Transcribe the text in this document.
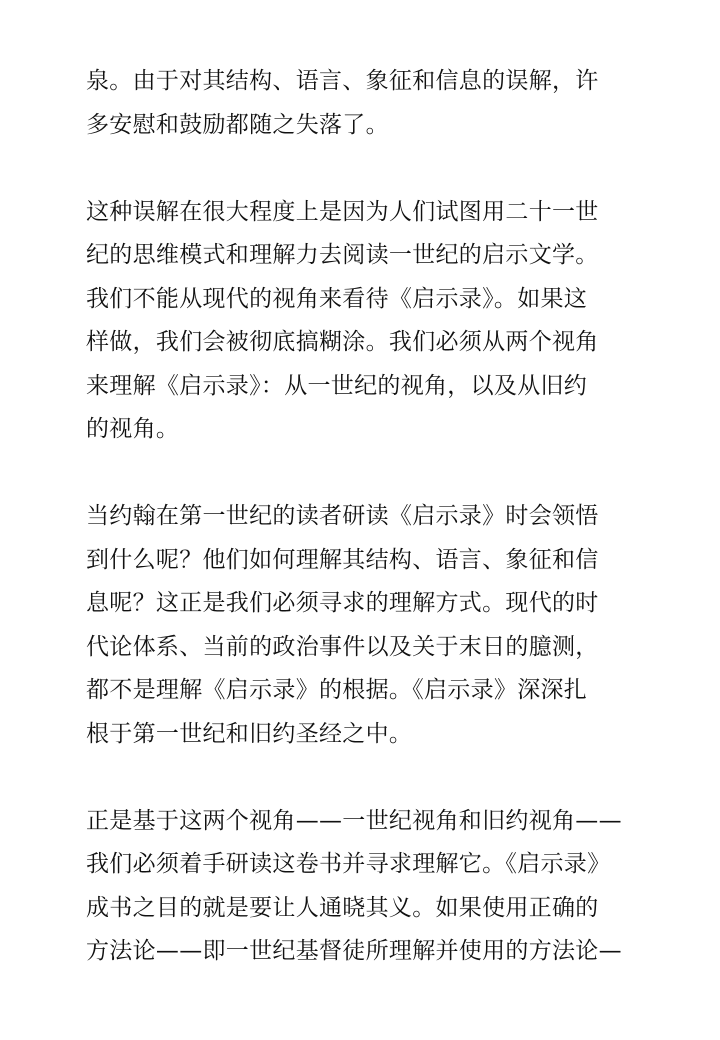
泉。由于对其结构、语言、象征和信息的误解，许
多安慰和鼓励都随之失落了。

这种误解在很大程度上是因为人们试图用二十一世
纪的思维模式和理解力去阅读一世纪的启示文学。
我们不能从现代的视角来看待《启示录》。如果这
样做，我们会被彻底搞糊涂。我们必须从两个视角
来理解《启示录》：从一世纪的视角，以及从旧约
的视角。

当约翰在第一世纪的读者研读《启示录》时会领悟
到什么呢？他们如何理解其结构、语言、象征和信
息呢？这正是我们必须寻求的理解方式。现代的时
代论体系、当前的政治事件以及关于末日的臆测，
都不是理解《启示录》的根据。《启示录》深深扎
根于第一世纪和旧约圣经之中。

正是基于这两个视角——一世纪视角和旧约视角——
我们必须着手研读这卷书并寻求理解它。《启示录》
成书之目的就是要让人通晓其义。如果使用正确的
方法论——即一世纪基督徒所理解并使用的方法论—
